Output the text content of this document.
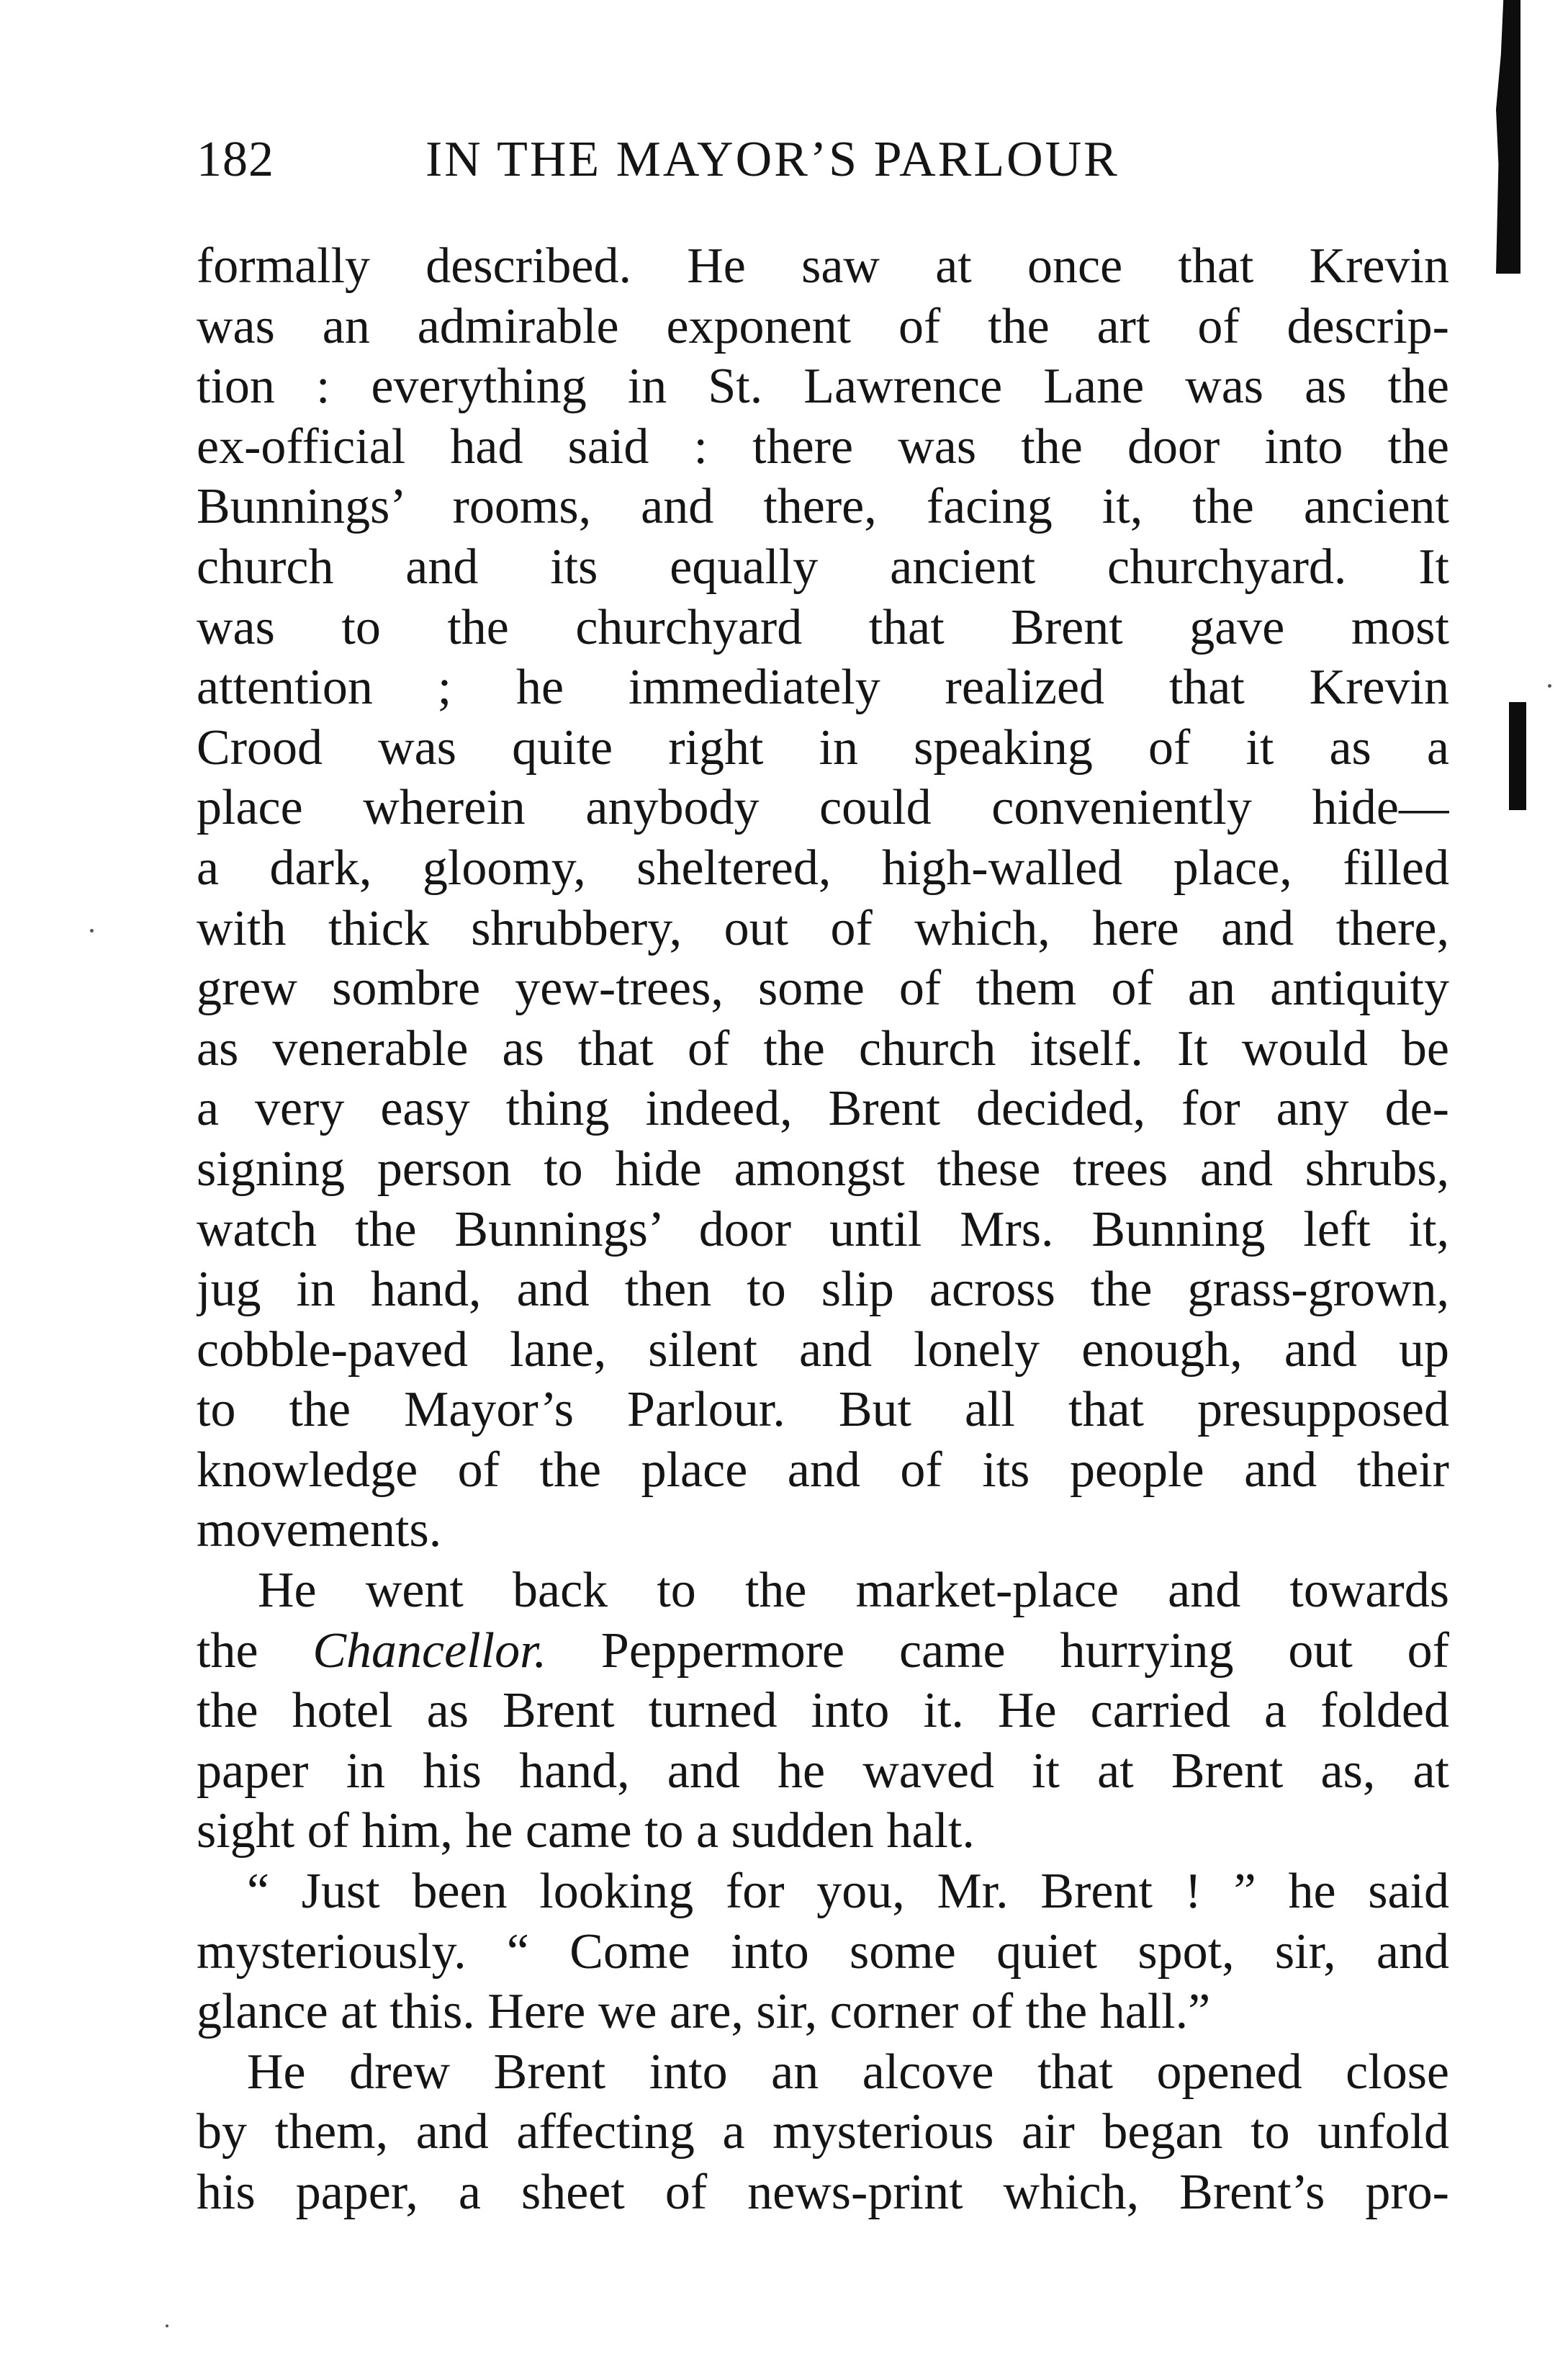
182	IN THE MAYOR’S PARLOUR
formally described. He saw at once that Krevin
was an admirable exponent of the art of descrip-
tion : everything in St. Lawrence Lane was as the
ex-official had said : there was the door into the
Bunnings’ rooms, and there, facing it, the ancient
church and its equally ancient churchyard. It
was to the churchyard that Brent gave most
attention ; he immediately realized that Krevin
Crood was quite right in speaking of it as a
place wherein anybody could conveniently hide—
a dark, gloomy, sheltered, high-walled place, filled
with thick shrubbery, out of which, here and there,
grew sombre yew-trees, some of them of an antiquity
as venerable as that of the church itself. It would be
a very easy thing indeed, Brent decided, for any de-
signing person to hide amongst these trees and shrubs,
watch the Bunnings’ door until Mrs. Bunning left it,
jug in hand, and then to slip across the grass-grown,
cobble-paved lane, silent and lonely enough, and up
to the Mayor’s Parlour. But all that presupposed
knowledge of the place and of its people and their
movements.
He went back to the market-place and towards
the Chancellor. Peppermore came hurrying out of
the hotel as Brent turned into it. He carried a folded
paper in his hand, and he waved it at Brent as, at
sight of him, he came to a sudden halt.
“ Just been looking for you, Mr. Brent ! ” he said
mysteriously. “ Come into some quiet spot, sir, and
glance at this. Here we are, sir, corner of the hall.”
He drew Brent into an alcove that opened close
by them, and affecting a mysterious air began to unfold
his paper, a sheet of news-print which, Brent’s pro-
